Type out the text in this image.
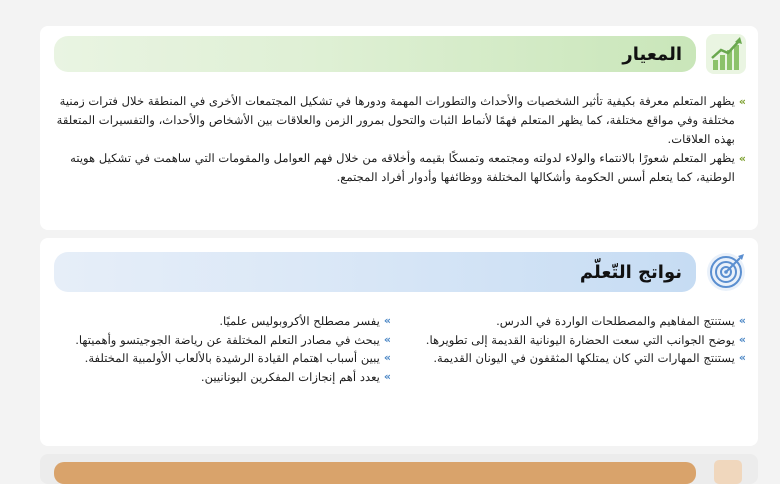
المعيار
»
يظهر المتعلم معرفة بكيفية تأثير الشخصيات والأحداث والتطورات المهمة ودورها في تشكيل المجتمعات الأخرى في المنطقة خلال فترات زمنية مختلفة وفي مواقع مختلفة، كما يظهر المتعلم فهمًا لأنماط الثبات والتحول بمرور الزمن والعلاقات بين الأشخاص والأحداث، والتفسيرات المتعلقة بهذه العلاقات.
»
يظهر المتعلم شعورًا بالانتماء والولاء لدولته ومجتمعه وتمسكًا بقيمه وأخلاقه من خلال فهم العوامل والمقومات التي ساهمت في تشكيل هويته الوطنية، كما يتعلم أسس الحكومة وأشكالها المختلفة ووظائفها وأدوار أفراد المجتمع.
نواتج التّعلّم
»
يستنتج المفاهيم والمصطلحات الواردة في الدرس.
»
يوضح الجوانب التي سعت الحضارة اليونانية القديمة إلى تطويرها.
»
يستنتج المهارات التي كان يمتلكها المثقفون في اليونان القديمة.
»
يفسر مصطلح الأكروبوليس علميًا.
»
يبحث في مصادر التعلم المختلفة عن رياضة الجوجيتسو وأهميتها.
»
يبين أسباب اهتمام القيادة الرشيدة بالألعاب الأولمبية المختلفة.
»
يعدد أهم إنجازات المفكرين اليونانيين.
